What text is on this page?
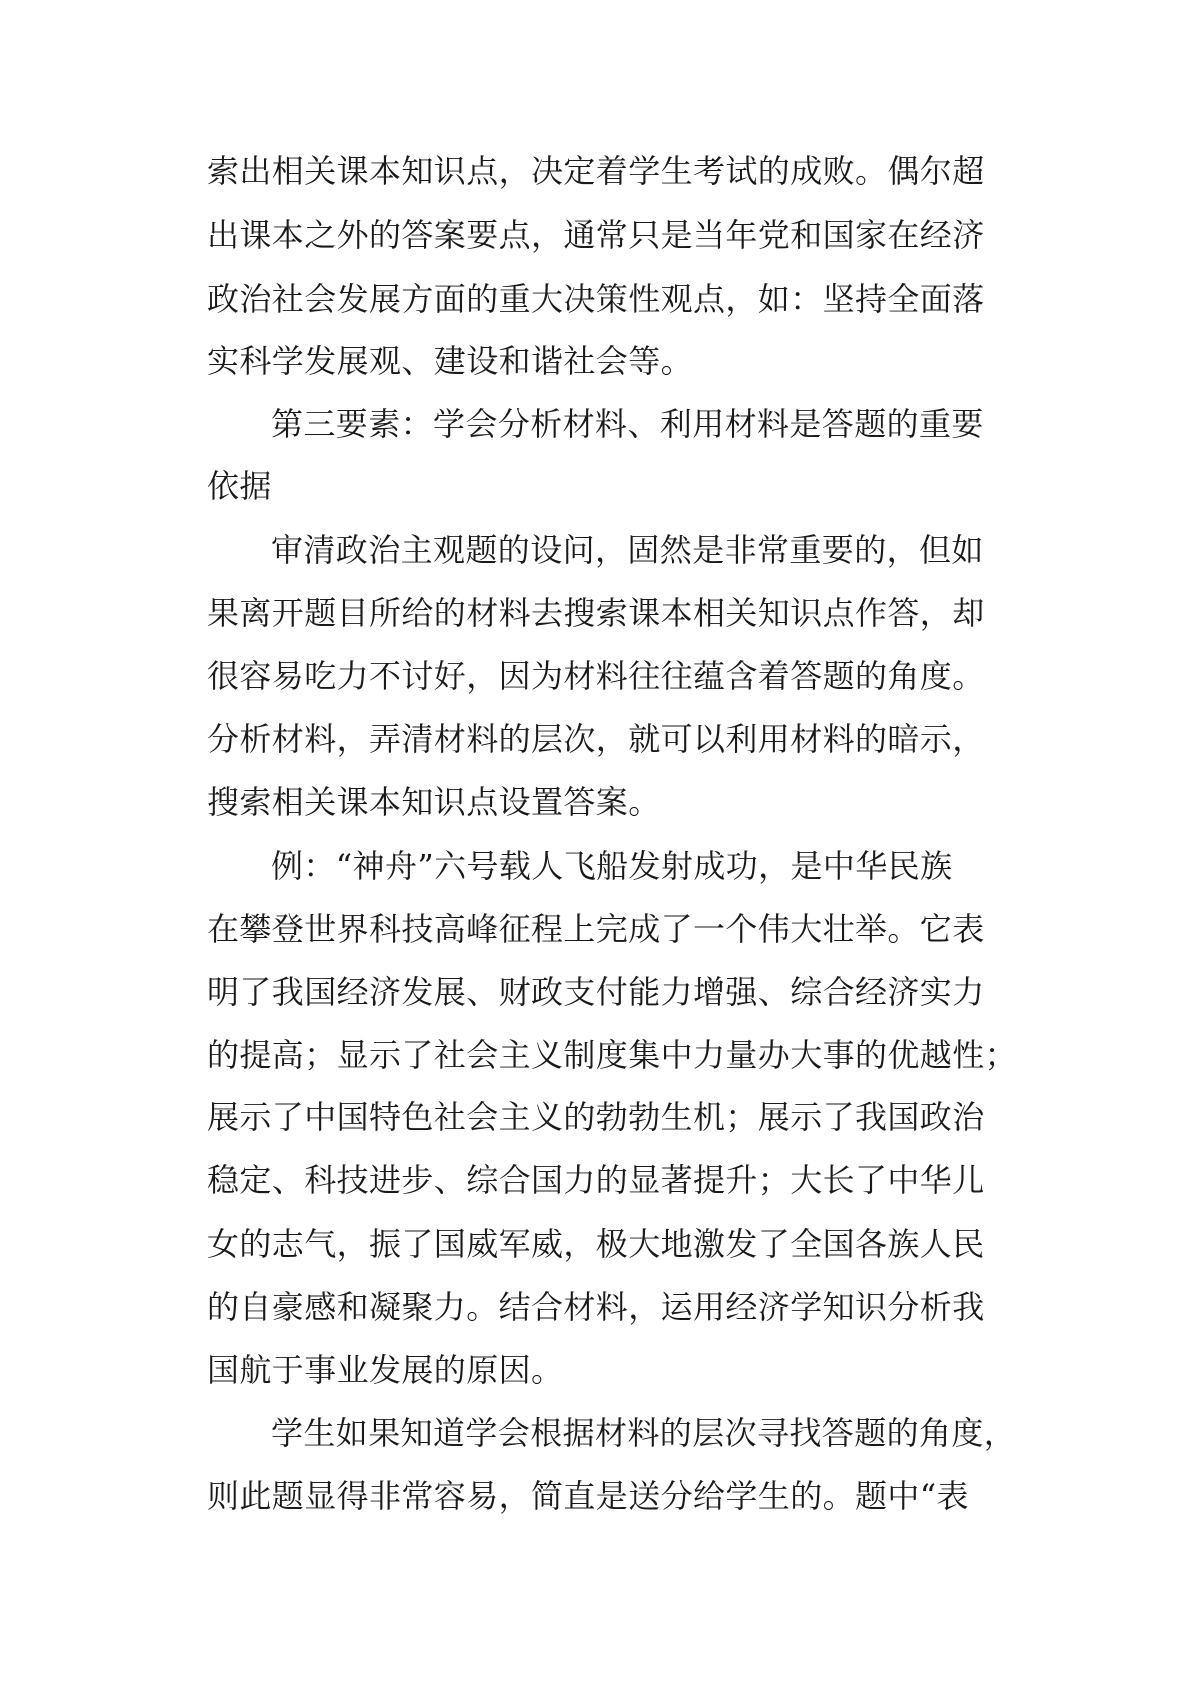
索出相关课本知识点，决定着学生考试的成败。偶尔超

出课本之外的答案要点，通常只是当年党和国家在经济

政治社会发展方面的重大决策性观点，如：坚持全面落

实科学发展观、建设和谐社会等。

第三要素：学会分析材料、利用材料是答题的重要

依据

审清政治主观题的设问，固然是非常重要的，但如

果离开题目所给的材料去搜索课本相关知识点作答，却

很容易吃力不讨好，因为材料往往蕴含着答题的角度。

分析材料，弄清材料的层次，就可以利用材料的暗示，

搜索相关课本知识点设置答案。

例：“神舟”六号载人飞船发射成功，是中华民族

在攀登世界科技高峰征程上完成了一个伟大壮举。它表

明了我国经济发展、财政支付能力增强、综合经济实力

的提高；显示了社会主义制度集中力量办大事的优越性；

展示了中国特色社会主义的勃勃生机；展示了我国政治

稳定、科技进步、综合国力的显著提升；大长了中华儿

女的志气，振了国威军威，极大地激发了全国各族人民

的自豪感和凝聚力。结合材料，运用经济学知识分析我

国航于事业发展的原因。

学生如果知道学会根据材料的层次寻找答题的角度，

则此题显得非常容易，简直是送分给学生的。题中“表
